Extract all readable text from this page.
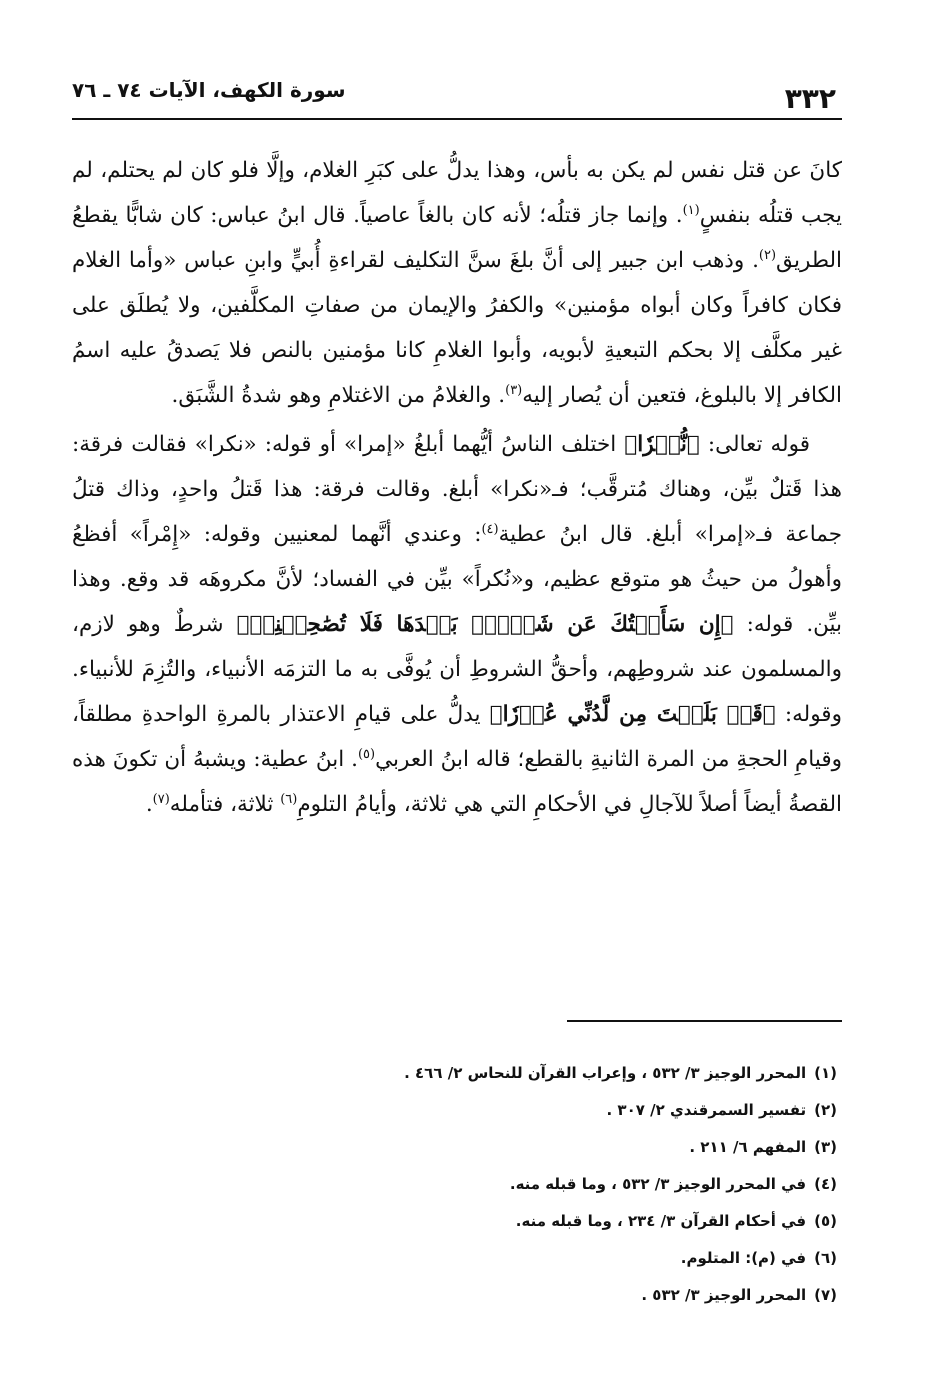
٣٣٢
سورة الكهف، الآيات ٧٤ ـ ٧٦

كانَ عن قتل نفس لم يكن به بأس، وهذا يدلُّ على كبَرِ الغلام، وإلَّا فلو كان لم يحتلم، لم يجب قتلُه بنفسٍ$^{(١)}$. وإنما جاز قتلُه؛ لأنه كان بالغاً عاصياً. قال ابنُ عباس: كان شابًّا يقطعُ الطريق$^{(٢)}$. وذهب ابن جبير إلى أنَّ بلغَ سنَّ التكليف لقراءةِ أُبيٍّ وابنِ عباس «وأما الغلام فكان كافراً وكان أبواه مؤمنين» والكفرُ والإيمان من صفاتِ المكلَّفين، ولا يُطلَق على غير مكلَّف إلا بحكم التبعيةِ لأبويه، وأبوا الغلامِ كانا مؤمنين بالنص فلا يَصدقُ عليه اسمُ الكافر إلا بالبلوغ، فتعين أن يُصار إليه$^{(٣)}$. والغلامُ من الاغتلامِ وهو شدةُ الشَّبَق.

قوله تعالى: ﴿نُّكۡرٗا﴾ اختلف الناسُ أيُّهما أبلغُ «إمرا» أو قوله: «نكرا» فقالت فرقة: هذا قَتلٌ بيِّن، وهناك مُترقَّب؛ فـ«نكرا» أبلغ. وقالت فرقة: هذا قَتلُ واحدٍ، وذاك قتلُ جماعة فـ«إمرا» أبلغ. قال ابنُ عطية$^{(٤)}$: وعندي أنَّهما لمعنيين وقوله: «إِمْراً» أفظعُ وأهولُ من حيثُ هو متوقع عظيم، و«نُكراً» بيِّن في الفساد؛ لأنَّ مكروهَه قد وقع. وهذا بيِّن. قوله: ﴿إِن سَأَلۡتُكَ عَن شَيۡءِۭ بَعۡدَهَا فَلَا تُصَٰحِبۡنِيۖ﴾ شرطٌ وهو لازم، والمسلمون عند شروطِهم، وأحقُّ الشروطِ أن يُوفَّى به ما التزمَه الأنبياء، والتُزِمَ للأنبياء. وقوله: ﴿قَدۡ بَلَغۡتَ مِن لَّدُنِّي عُذۡرٗا﴾ يدلُّ على قيامِ الاعتذار بالمرةِ الواحدةِ مطلقاً، وقيامِ الحجةِ من المرة الثانيةِ بالقطع؛ قاله ابنُ العربي$^{(٥)}$. ابنُ عطية: ويشبهُ أن تكونَ هذه القصةُ أيضاً أصلاً للآجالِ في الأحكامِ التي هي ثلاثة، وأيامُ التلومِ$^{(٦)}$ ثلاثة، فتأمله$^{(٧)}$.

(١)المحرر الوجيز ٣/ ٥٣٢ ، وإعراب القرآن للنحاس ٢/ ٤٦٦ .
(٢)تفسير السمرقندي ٢/ ٣٠٧ .
(٣)المفهم ٦/ ٢١١ .
(٤)في المحرر الوجيز ٣/ ٥٣٢ ، وما قبله منه.
(٥)في أحكام القرآن ٣/ ٢٣٤ ، وما قبله منه.
(٦)في (م): المتلوم.
(٧)المحرر الوجيز ٣/ ٥٣٢ .
